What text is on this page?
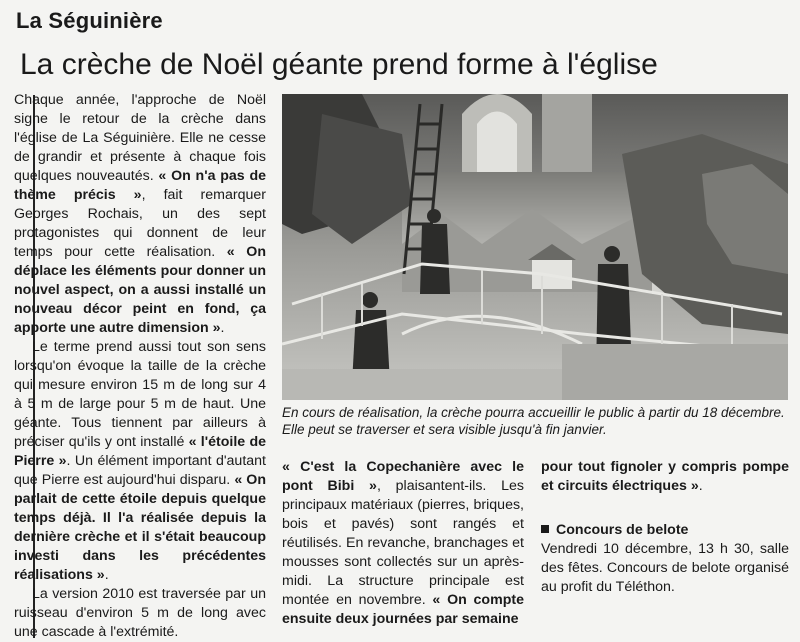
La Séguinière
La crèche de Noël géante prend forme à l'église

Chaque année, l'approche de Noël signe le retour de la crèche dans l'église de La Séguinière. Elle ne cesse de grandir et présente à chaque fois quelques nouveautés. « On n'a pas de thème précis », fait remarquer Georges Rochais, un des sept protagonistes qui donnent de leur temps pour cette réalisation. « On déplace les éléments pour donner un nouvel aspect, on a aussi installé un nouveau décor peint en fond, ça apporte une autre dimension ».

Le terme prend aussi tout son sens lorsqu'on évoque la taille de la crèche qui mesure environ 15 m de long sur 4 à 5 m de large pour 5 m de haut. Une géante. Tous tiennent par ailleurs à préciser qu'ils y ont installé « l'étoile de Pierre ». Un élément important d'autant que Pierre est aujourd'hui disparu. « On parlait de cette étoile depuis quelque temps déjà. Il l'a réalisée depuis la dernière crèche et il s'était beaucoup investi dans les précédentes réalisations ».

La version 2010 est traversée par un ruisseau d'environ 5 m de long avec une cascade à l'extrémité.

En cours de réalisation, la crèche pourra accueillir le public à partir du 18 décembre. Elle peut se traverser et sera visible jusqu'à fin janvier.

« C'est la Copechanière avec le pont Bibi », plaisantent-ils. Les principaux matériaux (pierres, briques, bois et pavés) sont rangés et réutilisés. En revanche, branchages et mousses sont collectés sur un après-midi. La structure principale est montée en novembre. « On compte ensuite deux journées par semaine

pour tout fignoler y compris pompe et circuits électriques ».

Concours de belote

Vendredi 10 décembre, 13 h 30, salle des fêtes. Concours de belote organisé au profit du Téléthon.
